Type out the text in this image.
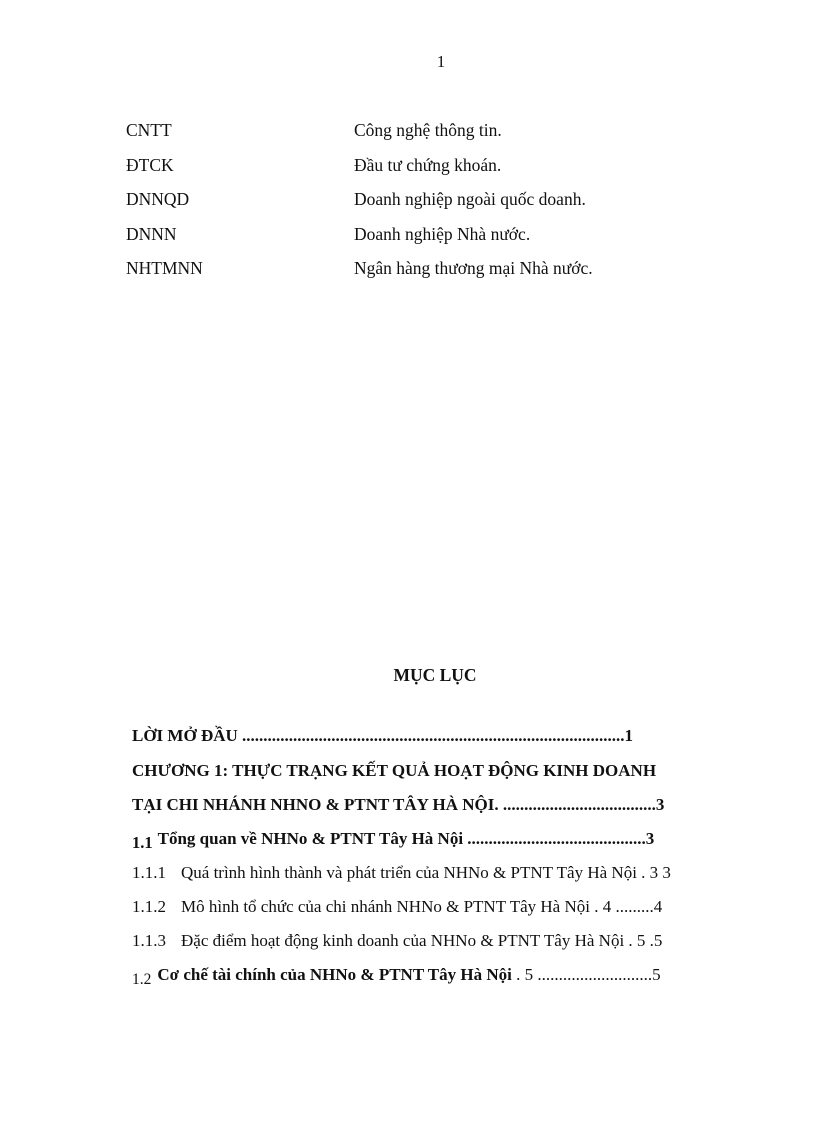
1
CNTT	Công nghệ thông tin.
ĐTCK	Đầu tư chứng khoán.
DNNQD	Doanh nghiệp ngoài quốc doanh.
DNNN	Doanh nghiệp Nhà nước.
NHTMNN	Ngân hàng thương mại Nhà nước.
MỤC LỤC
LỜI MỞ ĐẦU ..........................................................................................1
CHƯƠNG 1: THỰC TRẠNG KẾT QUẢ HOẠT ĐỘNG KINH DOANH
TẠI CHI NHÁNH NHNO & PTNT TÂY HÀ NỘI. ....................................3
1.1 Tổng quan về NHNo & PTNT Tây Hà Nội ..........................................3
1.1.1 Quá trình hình thành và phát triển của NHNo & PTNT Tây Hà Nội . 3 3
1.1.2 Mô hình tổ chức của chi nhánh NHNo & PTNT Tây Hà Nội . 4 .........4
1.1.3 Đặc điểm hoạt động kinh doanh của NHNo & PTNT Tây Hà Nội . 5 .5
1.2 Cơ chế tài chính của NHNo & PTNT Tây Hà Nội . 5 ...........................5
